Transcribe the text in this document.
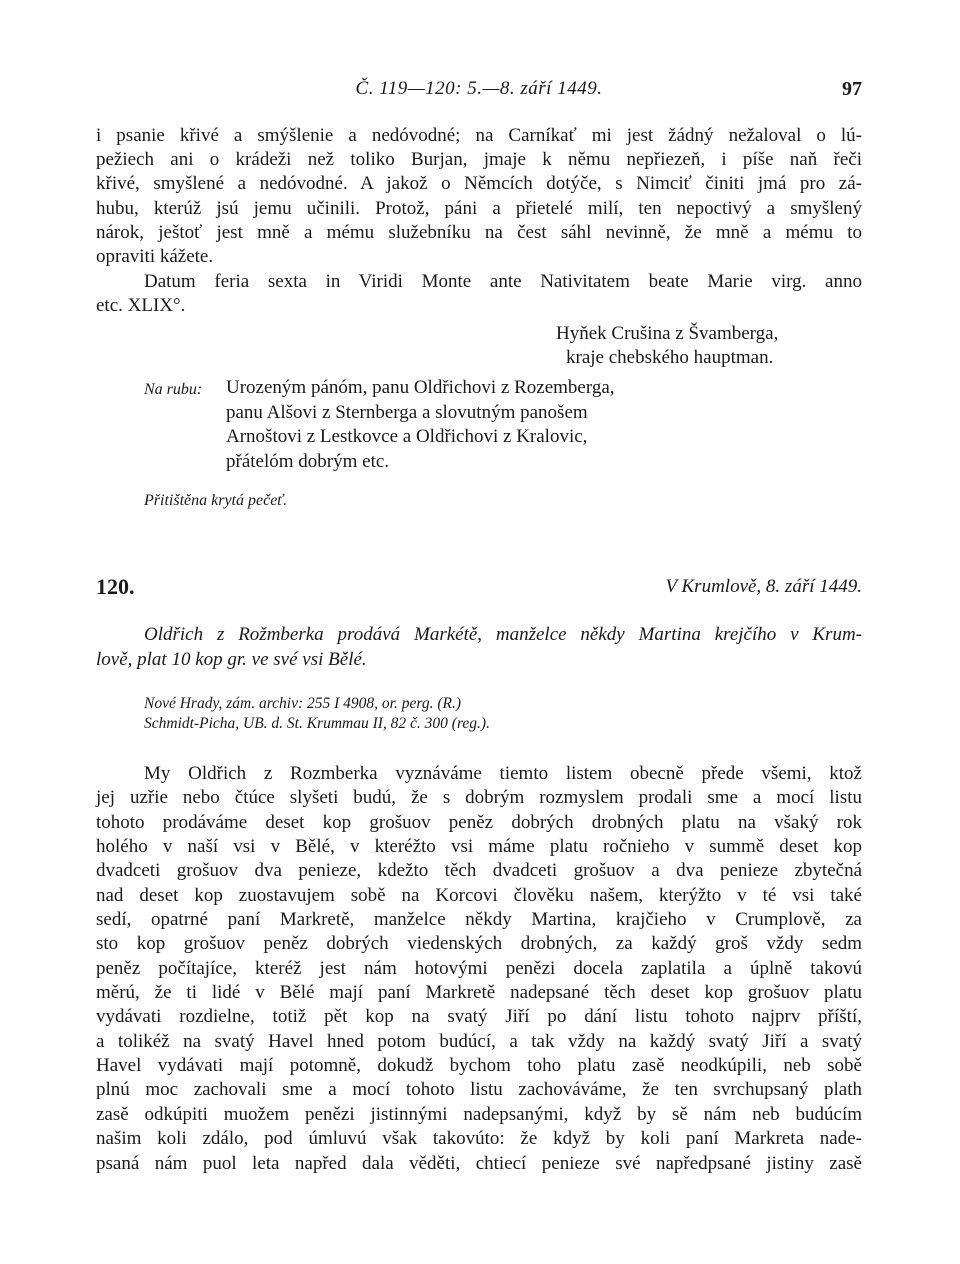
Č. 119—120: 5.—8. září 1449.	97
i psanie křivé a smýšlenie a nedóvodné; na Carníkať mi jest žádný nežaloval o lú-
pežiech ani o krádeži než toliko Burjan, jmaje k němu nepřiezeň, i píše naň řeči
křivé, smyšlené a nedóvodné. A jakož o Němcích dotýče, s Nimciť činiti jmá pro zá-
hubu, kterúž jsú jemu učinili. Protož, páni a přietelé milí, ten nepoctivý a smyšlený
nárok, ještoť jest mně a mému služebníku na čest sáhl nevinně, že mně a mému to
opraviti kážete.
Datum feria sexta in Viridi Monte ante Nativitatem beate Marie virg. anno
etc. XLIX°.
Hyňek Crušina z Švamberga,
kraje chebského hauptman.
Na rubu: Urozeným pánóm, panu Oldřichovi z Rozemberga,
panu Alšovi z Sternberga a slovutným panošem
Arnoštovi z Lestkovce a Oldřichovi z Kralovic,
přátelóm dobrým etc.
Přitištěna krytá pečeť.
120.	V Krumlově, 8. září 1449.
Oldřich z Rožmberka prodává Markétě, manželce někdy Martina krejčího v Krum-
lově, plat 10 kop gr. ve své vsi Bělé.
Nové Hrady, zám. archiv: 255 I 4908, or. perg. (R.)
Schmidt-Picha, UB. d. St. Krummau II, 82 č. 300 (reg.).
My Oldřich z Rozmberka vyznáváme tiemto listem obecně přede všemi, ktož
jej uzřie nebo čtúce slyšeti budú, že s dobrým rozmyslem prodali sme a mocí listu
tohoto prodáváme deset kop grošuov peněz dobrých drobných platu na všaký rok
holého v naší vsi v Bělé, v kteréžto vsi máme platu ročnieho v summě deset kop
dvadceti grošuov dva penieze, kdežto těch dvadceti grošuov a dva penieze zbytečná
nad deset kop zuostavujem sobě na Korcovi člověku našem, kterýžto v té vsi také
sedí, opatrné paní Markretě, manželce někdy Martina, krajčieho v Crumplově, za
sto kop grošuov peněz dobrých viedenských drobných, za každý groš vždy sedm
peněz počítajíce, kteréž jest nám hotovými penězi docela zaplatila a úplně takovú
měrú, že ti lidé v Bělé mají paní Markretě nadepsané těch deset kop grošuov platu
vydávati rozdielne, totiž pět kop na svatý Jiří po dání listu tohoto najprv příští,
a tolikéž na svatý Havel hned potom budúcí, a tak vždy na každý svatý Jiří a svatý
Havel vydávati mají potomně, dokudž bychom toho platu zasě neodkúpili, neb sobě
plnú moc zachovali sme a mocí tohoto listu zachováváme, že ten svrchupsaný plath
zasě odkúpiti muožem penězi jistinnými nadepsanými, když by sě nám neb budúcím
našim koli zdálo, pod úmluvú však takovúto: že když by koli paní Markreta nade-
psaná nám puol leta napřed dala věděti, chtiecí penieze své napředpsané jistiny zasě
